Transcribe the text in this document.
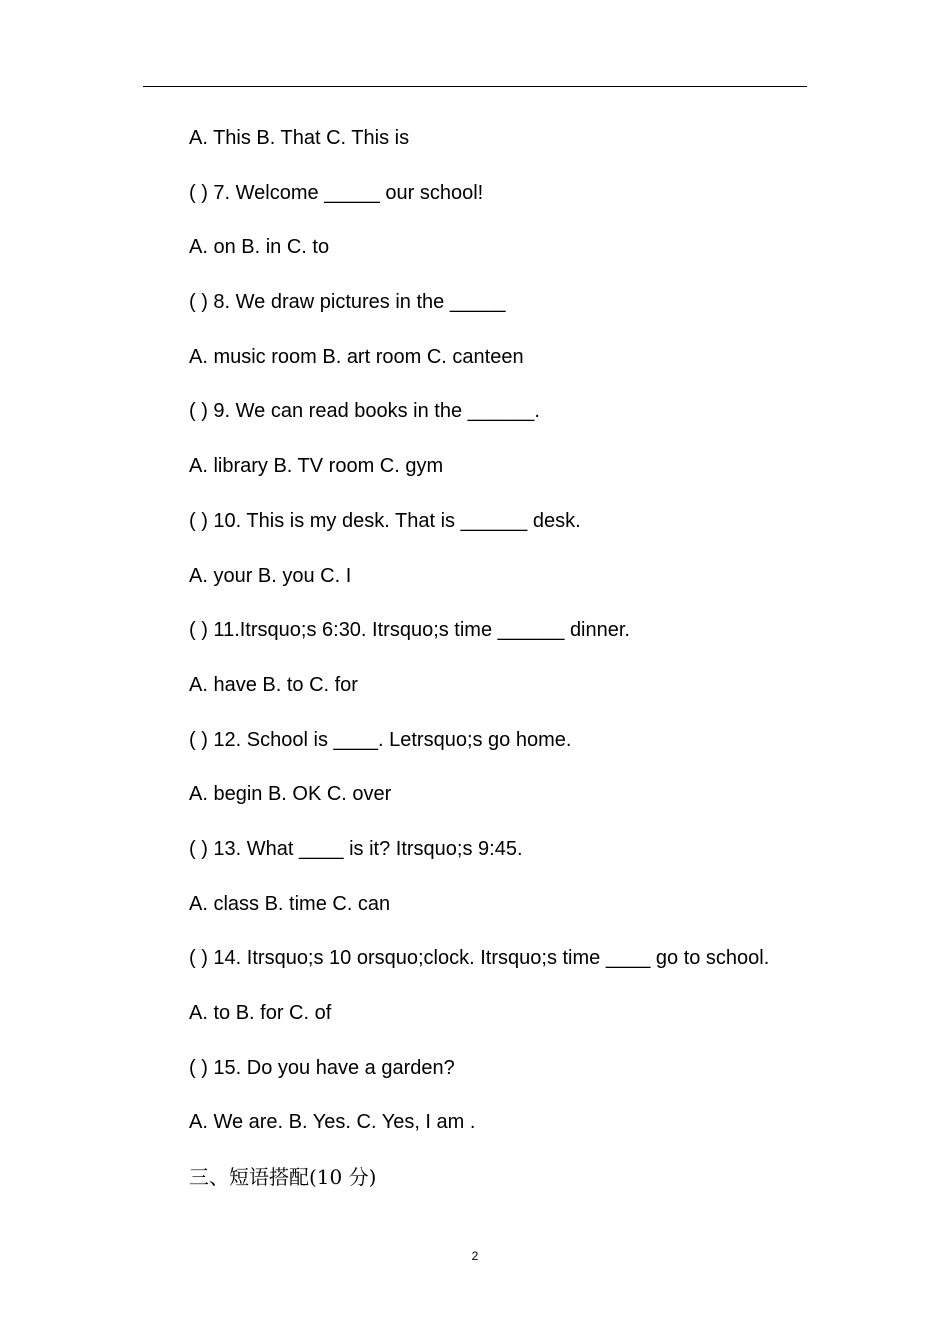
A. This B. That C. This is
( ) 7. Welcome _____ our school!
A. on B. in C. to
( ) 8. We draw pictures in the _____
A. music room B. art room C. canteen
( ) 9. We can read books in the ______.
A. library B. TV room C. gym
( ) 10. This is my desk. That is ______ desk.
A. your B. you C. I
( ) 11.Itrsquo;s 6:30. Itrsquo;s time ______ dinner.
A. have B. to C. for
( ) 12. School is ____. Letrsquo;s go home.
A. begin B. OK C. over
( ) 13. What ____ is it? Itrsquo;s 9:45.
A. class B. time C. can
( ) 14. Itrsquo;s 10 orsquo;clock. Itrsquo;s time ____ go to school.
A. to B. for C. of
( ) 15. Do you have a garden?
A. We are. B. Yes. C. Yes, I am .
三、短语搭配(10 分)
2
